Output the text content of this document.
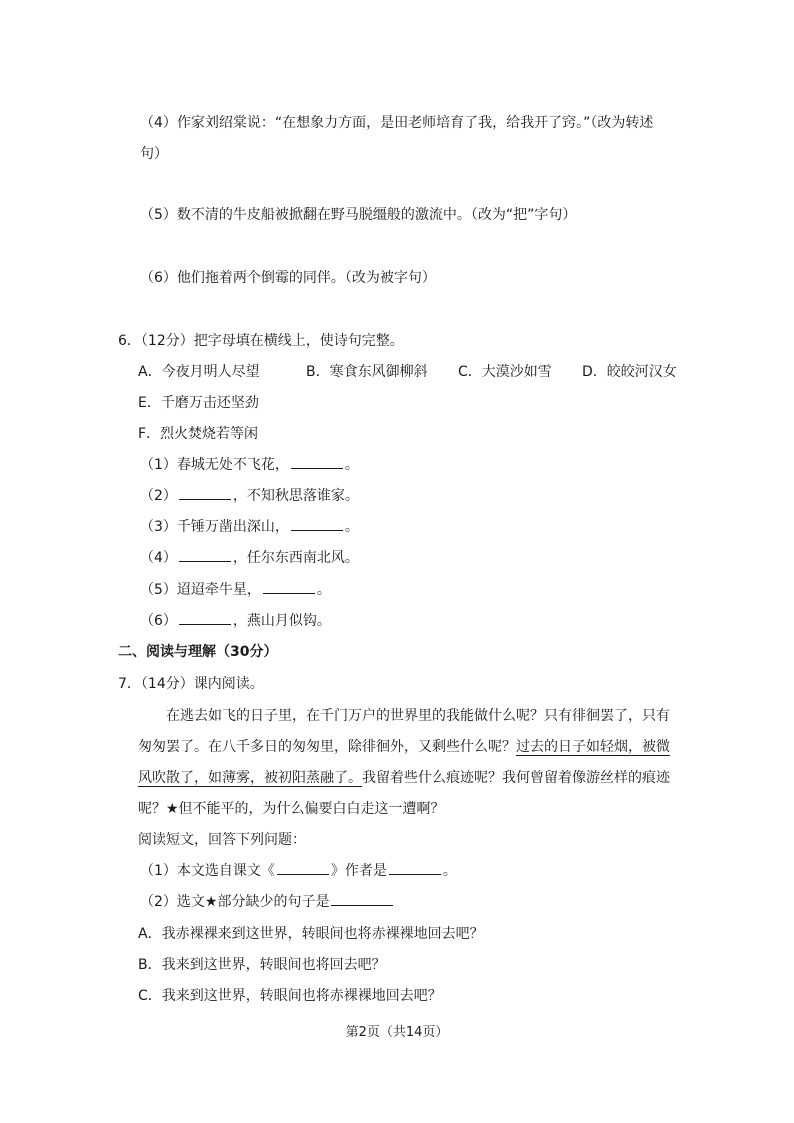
（4）作家刘绍棠说：“在想象力方面，是田老师培育了我，给我开了窍。”（改为转述
句）
（5）数不清的牛皮船被掀翻在野马脱缰般的激流中。（改为“把”字句）
（6）他们拖着两个倒霉的同伴。（改为被字句）
6．（12分）把字母填在横线上，使诗句完整。
A．今夜月明人尽望	B．寒食东风御柳斜 C．大漠沙如雪 D．皎皎河汉女
E．千磨万击还坚劲
F．烈火焚烧若等闲
（1）春城无处不飞花，	。
（2）	，不知秋思落谁家。
（3）千锤万凿出深山，	。
（4）	，任尔东西南北风。
（5）迢迢牵牛星，	。
（6）	，燕山月似钩。
二、阅读与理解（30分）
7．（14分）课内阅读。
在逃去如飞的日子里，在千门万户的世界里的我能做什么呢？只有徘徊罢了，只有
匆匆罢了。在八千多日的匆匆里，除徘徊外，又剩些什么呢？过去的日子如轻烟，被微
风吹散了，如薄雾，被初阳蒸融了。我留着些什么痕迹呢？我何曾留着像游丝样的痕迹
呢？★但不能平的，为什么偏要白白走这一遭啊？
阅读短文，回答下列问题：
（1）本文选自课文《	》作者是	。
（2）选文★部分缺少的句子是
A．我赤裸裸来到这世界，转眼间也将赤裸裸地回去吧？
B．我来到这世界，转眼间也将回去吧？
C．我来到这世界，转眼间也将赤裸裸地回去吧？
第2页（共14页）
